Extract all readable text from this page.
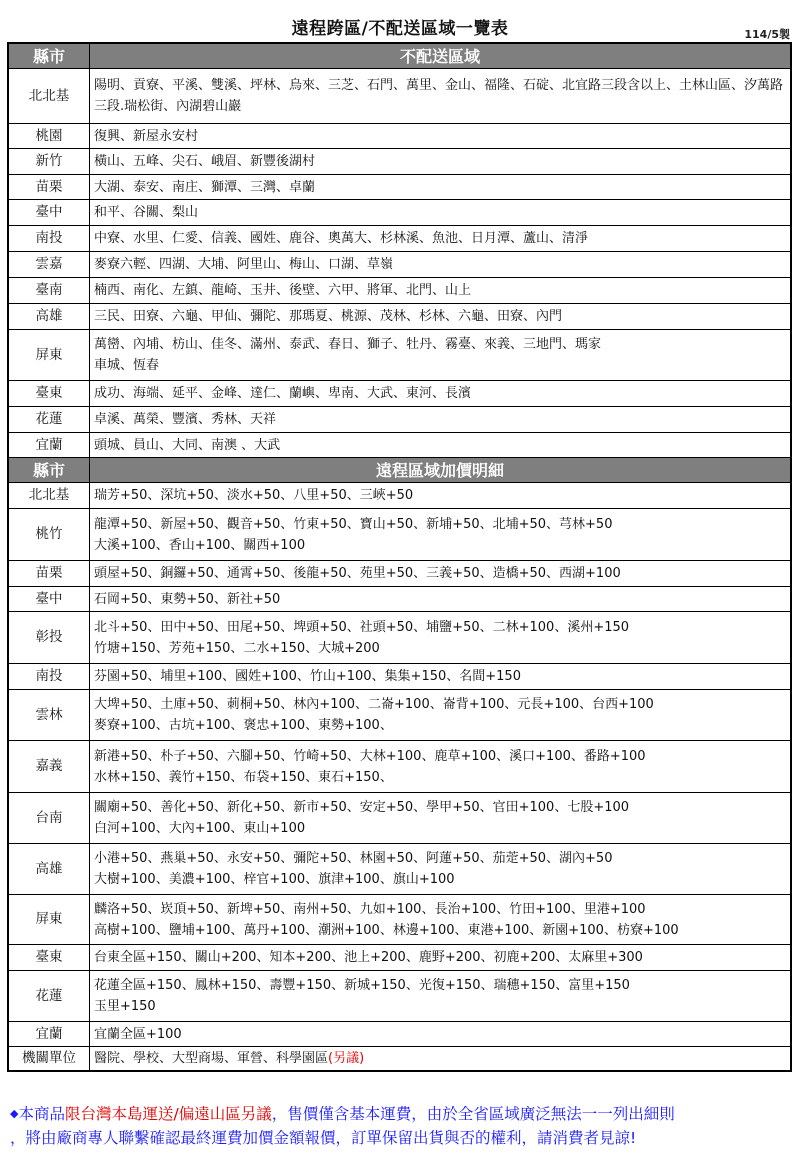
遠程跨區/不配送區域一覽表	114/5製
縣市	不配送區域
北北基	陽明、貢寮、平溪、雙溪、坪林、烏來、三芝、石門、萬里、金山、福隆、石碇、北宜路三段含以上、土林山區、汐萬路三段.瑞松街、內湖碧山巖
桃園	復興、新屋永安村
新竹	橫山、五峰、尖石、峨眉、新豐後湖村
苗栗	大湖、泰安、南庄、獅潭、三灣、卓蘭
臺中	和平、谷關、梨山
南投	中寮、水里、仁愛、信義、國姓、鹿谷、奧萬大、杉林溪、魚池、日月潭、蘆山、清淨
雲嘉	麥寮六輕、四湖、大埔、阿里山、梅山、口湖、草嶺
臺南	楠西、南化、左鎮、龍崎、玉井、後壁、六甲、將軍、北門、山上
高雄	三民、田寮、六龜、甲仙、彌陀、那瑪夏、桃源、茂林、杉林、六龜、田寮、內門
屏東	萬巒、內埔、枋山、佳冬、滿州、泰武、春日、獅子、牡丹、霧臺、來義、三地門、瑪家
車城、恆春
臺東	成功、海端、延平、金峰、達仁、蘭嶼、卑南、大武、東河、長濱
花蓮	卓溪、萬榮、豐濱、秀林、天祥
宜蘭	頭城、員山、大同、南澳 、大武
縣市	遠程區域加價明細
北北基	瑞芳+50、深坑+50、淡水+50、八里+50、三峽+50
桃竹	龍潭+50、新屋+50、觀音+50、竹東+50、寶山+50、新埔+50、北埔+50、芎林+50
大溪+100、香山+100、關西+100
苗栗	頭屋+50、銅鑼+50、通霄+50、後龍+50、苑里+50、三義+50、造橋+50、西湖+100
臺中	石岡+50、東勢+50、新社+50
彰投	北斗+50、田中+50、田尾+50、埤頭+50、社頭+50、埔鹽+50、二林+100、溪州+150
竹塘+150、芳苑+150、二水+150、大城+200
南投	芬園+50、埔里+100、國姓+100、竹山+100、集集+150、名間+150
雲林	大埤+50、土庫+50、莿桐+50、林內+100、二崙+100、崙背+100、元長+100、台西+100
麥寮+100、古坑+100、褒忠+100、東勢+100、
嘉義	新港+50、朴子+50、六腳+50、竹崎+50、大林+100、鹿草+100、溪口+100、番路+100
水林+150、義竹+150、布袋+150、東石+150、
台南	關廟+50、善化+50、新化+50、新市+50、安定+50、學甲+50、官田+100、七股+100
白河+100、大內+100、東山+100
高雄	小港+50、燕巢+50、永安+50、彌陀+50、林園+50、阿蓮+50、茄萣+50、湖內+50
大樹+100、美濃+100、梓官+100、旗津+100、旗山+100
屏東	麟洛+50、崁頂+50、新埤+50、南州+50、九如+100、長治+100、竹田+100、里港+100
高樹+100、鹽埔+100、萬丹+100、潮洲+100、林邊+100、東港+100、新園+100、枋寮+100
臺東	台東全區+150、關山+200、知本+200、池上+200、鹿野+200、初鹿+200、太麻里+300
花蓮	花蓮全區+150、鳳林+150、壽豐+150、新城+150、光復+150、瑞穗+150、富里+150
玉里+150
宜蘭	宜蘭全區+100
機關單位	醫院、學校、大型商場、軍營、科學園區(另議)
◆本商品限台灣本島運送/偏遠山區另議，售價僅含基本運費，由於全省區域廣泛無法一一列出細則
，將由廠商專人聯繫確認最終運費加價金額報價，訂單保留出貨與否的權利，請消費者見諒!
